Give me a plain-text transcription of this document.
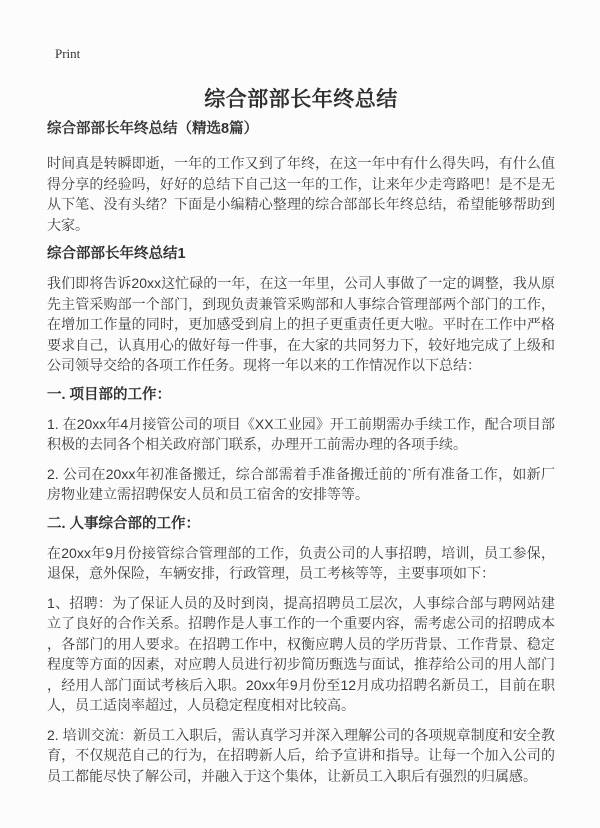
Print
综合部部长年终总结
综合部部长年终总结（精选8篇）

时间真是转瞬即逝，一年的工作又到了年终，在这一年中有什么得失吗，有什么值得分享的经验吗，好好的总结下自己这一年的工作，让来年少走弯路吧！是不是无从下笔、没有头绪？下面是小编精心整理的综合部部长年终总结，希望能够帮助到大家。

综合部部长年终总结1

我们即将告诉20xx这忙碌的一年，在这一年里，公司人事做了一定的调整，我从原先主管采购部一个部门，到现负责兼管采购部和人事综合管理部两个部门的工作，在增加工作量的同时，更加感受到肩上的担子更重责任更大啦。平时在工作中严格要求自己，认真用心的做好每一件事，在大家的共同努力下，较好地完成了上级和公司领导交给的各项工作任务。现将一年以来的工作情况作以下总结：

一. 项目部的工作：

1. 在20xx年4月接管公司的项目《XX工业园》开工前期需办手续工作，配合项目部积极的去同各个相关政府部门联系，办理开工前需办理的各项手续。

2. 公司在20xx年初准备搬迁，综合部需着手准备搬迁前的`所有准备工作，如新厂房物业建立需招聘保安人员和员工宿舍的安排等等。

二. 人事综合部的工作：

在20xx年9月份接管综合管理部的工作，负责公司的人事招聘，培训，员工参保，退保，意外保险，车辆安排，行政管理，员工考核等等，主要事项如下：

1、招聘：为了保证人员的及时到岗，提高招聘员工层次，人事综合部与聘网站建立了良好的合作关系。招聘作是人事工作的一个重要内容，需考虑公司的招聘成本，各部门的用人要求。在招聘工作中，权衡应聘人员的学历背景、工作背景、稳定程度等方面的因素，对应聘人员进行初步简历甄选与面试，推荐给公司的用人部门，经用人部门面试考核后入职。20xx年9月份至12月成功招聘名新员工，目前在职人，员工适岗率超过，人员稳定程度相对比较高。

2. 培训交流：新员工入职后，需认真学习并深入理解公司的各项规章制度和安全教育，不仅规范自己的行为，在招聘新人后，给予宣讲和指导。让每一个加入公司的员工都能尽快了解公司，并融入于这个集体，让新员工入职后有强烈的归属感。
